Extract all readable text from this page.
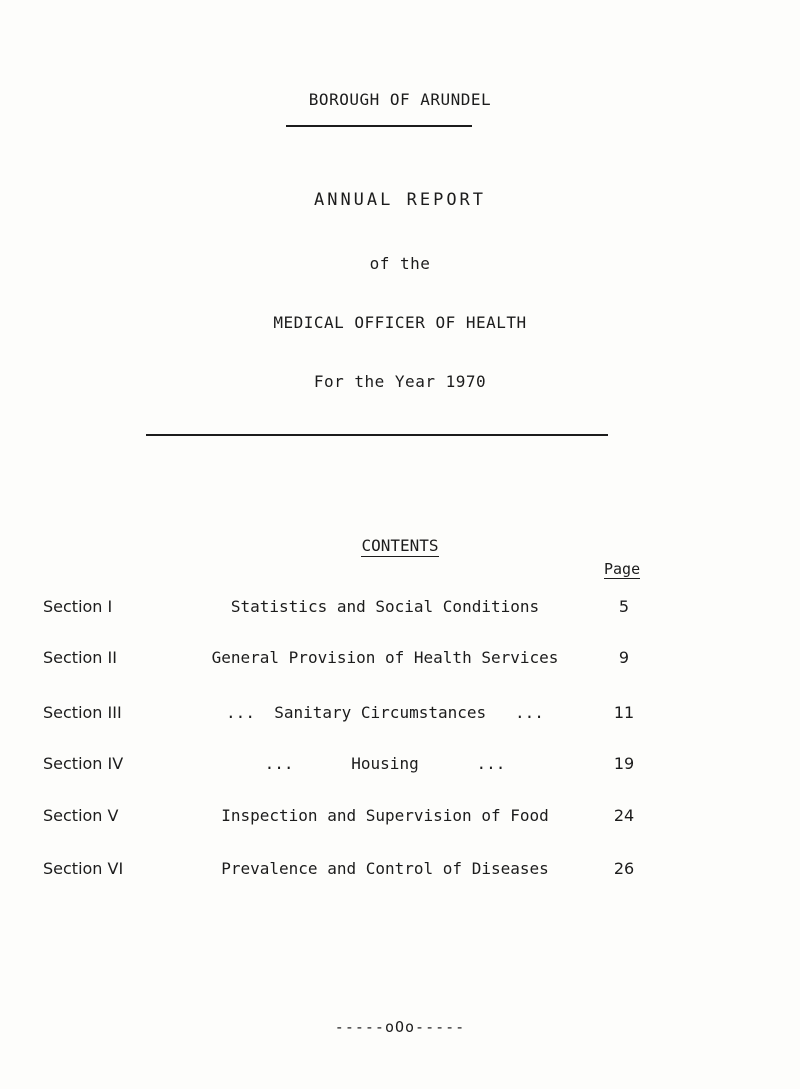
BOROUGH OF ARUNDEL
ANNUAL REPORT
of the
MEDICAL OFFICER OF HEALTH
For the Year 1970
CONTENTS
Page
Section I	Statistics and Social Conditions	5
Section II	General Provision of Health Services	9
Section III	...  Sanitary Circumstances   ...	11
Section IV	...      Housing      ...	19
Section V	Inspection and Supervision of Food	24
Section VI	Prevalence and Control of Diseases	26
-----oOo-----
